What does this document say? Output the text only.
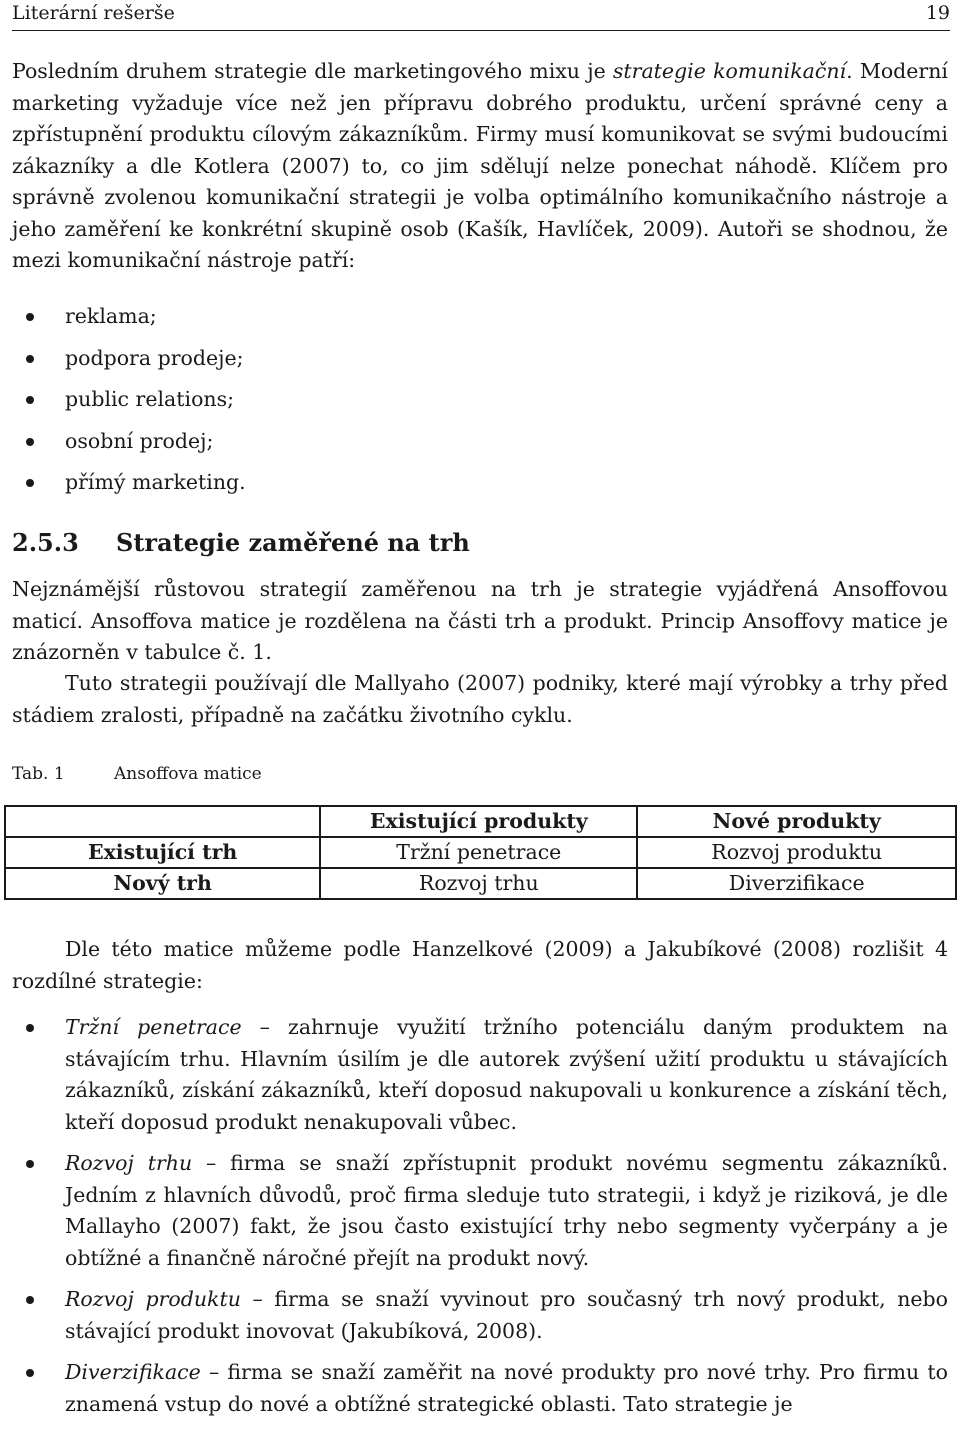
Literární rešerše	19

Posledním druhem strategie dle marketingového mixu je strategie komunikační. Moderní marketing vyžaduje více než jen přípravu dobrého produktu, určení správné ceny a zpřístupnění produktu cílovým zákazníkům. Firmy musí komunikovat se svými budoucími zákazníky a dle Kotlera (2007) to, co jim sdělují nelze ponechat náhodě. Klíčem pro správně zvolenou komunikační strategii je volba optimálního komunikačního nástroje a jeho zaměření ke konkrétní skupině osob (Kašík, Havlíček, 2009). Autoři se shodnou, že mezi komunikační nástroje patří:

reklama;
podpora prodeje;
public relations;
osobní prodej;
přímý marketing.
2.5.3 Strategie zaměřené na trh

Nejznámější růstovou strategií zaměřenou na trh je strategie vyjádřená Ansoffovou maticí. Ansoffova matice je rozdělena na části trh a produkt. Princip Ansoffovy matice je znázorněn v tabulce č. 1.

Tuto strategii používají dle Mallyaho (2007) podniky, které mají výrobky a trhy před stádiem zralosti, případně na začátku životního cyklu.

Tab. 1	Ansoffova matice
	Existující produkty	Nové produkty
Existující trh	Tržní penetrace	Rozvoj produktu
Nový trh	Rozvoj trhu	Diverzifikace

Dle této matice můžeme podle Hanzelkové (2009) a Jakubíkové (2008) rozlišit 4 rozdílné strategie:

Tržní penetrace – zahrnuje využití tržního potenciálu daným produktem na stávajícím trhu. Hlavním úsilím je dle autorek zvýšení užití produktu u stávajících zákazníků, získání zákazníků, kteří doposud nakupovali u konkurence a získání těch, kteří doposud produkt nenakupovali vůbec.
Rozvoj trhu – firma se snaží zpřístupnit produkt novému segmentu zákazníků. Jedním z hlavních důvodů, proč firma sleduje tuto strategii, i když je riziková, je dle Mallayho (2007) fakt, že jsou často existující trhy nebo segmenty vyčerpány a je obtížné a finančně náročné přejít na produkt nový.
Rozvoj produktu – firma se snaží vyvinout pro současný trh nový produkt, nebo stávající produkt inovovat (Jakubíková, 2008).
Diverzifikace – firma se snaží zaměřit na nové produkty pro nové trhy. Pro firmu to znamená vstup do nové a obtížné strategické oblasti. Tato strategie je
